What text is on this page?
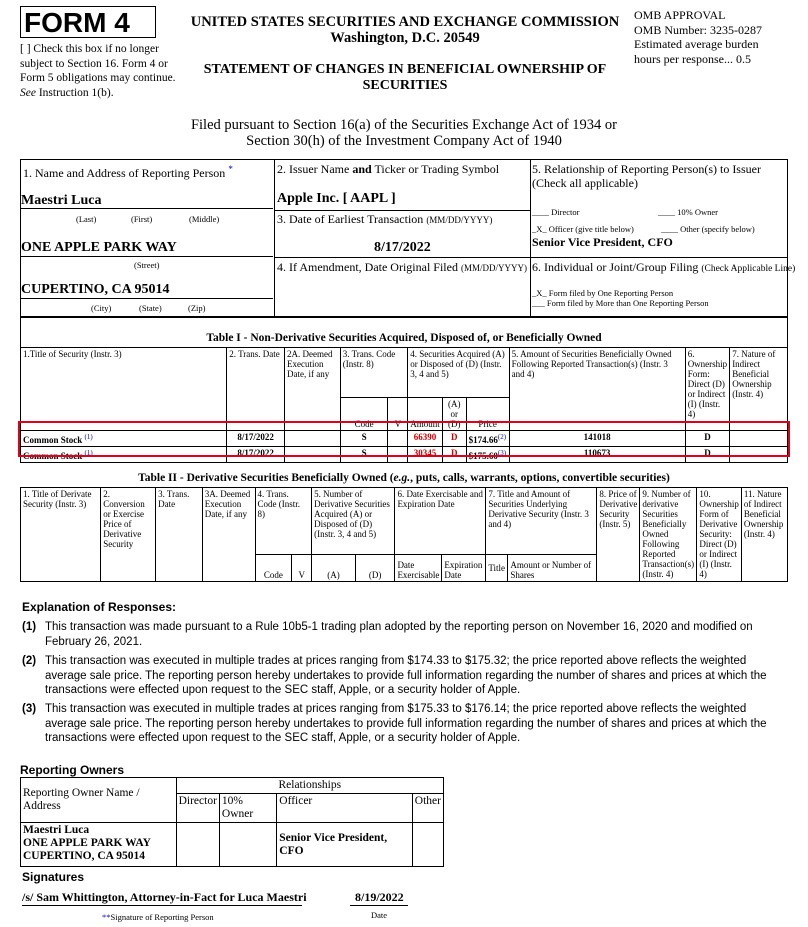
FORM 4
[ ] Check this box if no longer subject to Section 16. Form 4 or Form 5 obligations may continue. See Instruction 1(b).
UNITED STATES SECURITIES AND EXCHANGE COMMISSION
Washington, D.C. 20549
STATEMENT OF CHANGES IN BENEFICIAL OWNERSHIP OF
SECURITIES
OMB APPROVAL
OMB Number: 3235-0287
Estimated average burden
hours per response... 0.5
Filed pursuant to Section 16(a) of the Securities Exchange Act of 1934 or
Section 30(h) of the Investment Company Act of 1940
1. Name and Address of Reporting Person *
Maestri Luca
(Last)	(First)	(Middle)
ONE APPLE PARK WAY
(Street)
CUPERTINO, CA 95014
(City)	(State)	(Zip)
2. Issuer Name and Ticker or Trading Symbol
Apple Inc. [ AAPL ]
3. Date of Earliest Transaction (MM/DD/YYYY)
8/17/2022
4. If Amendment, Date Original Filed (MM/DD/YYYY)
5. Relationship of Reporting Person(s) to Issuer
(Check all applicable)
____ Director	____ 10% Owner
_X_ Officer (give title below)	____ Other (specify below)
Senior Vice President, CFO
6. Individual or Joint/Group Filing (Check Applicable Line)
_X_ Form filed by One Reporting Person
___ Form filed by More than One Reporting Person
Table I - Non-Derivative Securities Acquired, Disposed of, or Beneficially Owned
1.Title of Security (Instr. 3)	2. Trans. Date	2A. Deemed Execution Date, if any	3. Trans. Code (Instr. 8)		4. Securities Acquired (A) or Disposed of (D) (Instr. 3, 4 and 5)			5. Amount of Securities Beneficially Owned Following Reported Transaction(s) (Instr. 3 and 4)	6. Ownership Form: Direct (D) or Indirect (I) (Instr. 4)	7. Nature of Indirect Beneficial Ownership (Instr. 4)
			Code	V	Amount	(A) or (D)	Price			
Common Stock $^{(1)}$	8/17/2022		S		66390	D	$174.66$^{(2)}$	141018	D	
Common Stock $^{(1)}$	8/17/2022		S		30345	D	$175.60$^{(3)}$	110673	D	
Table II - Derivative Securities Beneficially Owned (e.g., puts, calls, warrants, options, convertible securities)
1. Title of Derivate Security (Instr. 3)	2. Conversion or Exercise Price of Derivative Security	3. Trans. Date	3A. Deemed Execution Date, if any	4. Trans. Code (Instr. 8)		5. Number of Derivative Securities Acquired (A) or Disposed of (D) (Instr. 3, 4 and 5)		6. Date Exercisable and Expiration Date		7. Title and Amount of Securities Underlying Derivative Security (Instr. 3 and 4)		8. Price of Derivative Security (Instr. 5)	9. Number of derivative Securities Beneficially Owned Following Reported Transaction(s) (Instr. 4)	10. Ownership Form of Derivative Security: Direct (D) or Indirect (I) (Instr. 4)	11. Nature of Indirect Beneficial Ownership (Instr. 4)
				Code	V	(A)	(D)	Date Exercisable	Expiration Date	Title	Amount or Number of Shares				
Explanation of Responses:
(1) This transaction was made pursuant to a Rule 10b5-1 trading plan adopted by the reporting person on November 16, 2020 and modified on February 26, 2021.
(2) This transaction was executed in multiple trades at prices ranging from $174.33 to $175.32; the price reported above reflects the weighted average sale price. The reporting person hereby undertakes to provide full information regarding the number of shares and prices at which the transactions were effected upon request to the SEC staff, Apple, or a security holder of Apple.
(3) This transaction was executed in multiple trades at prices ranging from $175.33 to $176.14; the price reported above reflects the weighted average sale price. The reporting person hereby undertakes to provide full information regarding the number of shares and prices at which the transactions were effected upon request to the SEC staff, Apple, or a security holder of Apple.
Reporting Owners
Reporting Owner Name / Address	Relationships			
	Director	10% Owner	Officer	Other

Maestri Luca
ONE APPLE PARK WAY
CUPERTINO, CA 95014			Senior Vice President, CFO	
Signatures
/s/ Sam Whittington, Attorney-in-Fact for Luca Maestri	8/19/2022
**Signature of Reporting Person	Date
